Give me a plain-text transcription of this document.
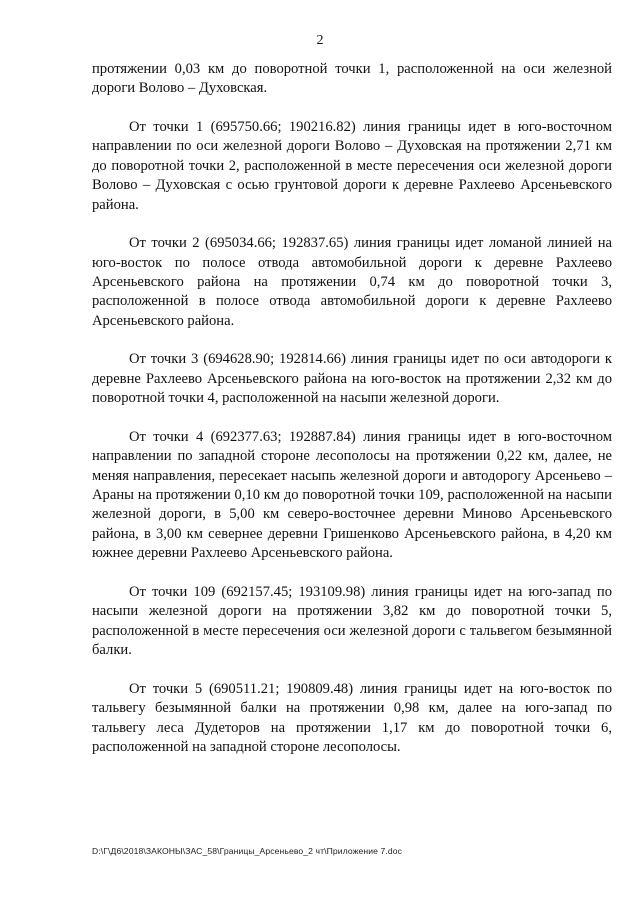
2

протяжении 0,03 км до поворотной точки 1, расположенной на оси железной дороги Волово – Духовская.

От точки 1 (695750.66; 190216.82) линия границы идет в юго-восточном направлении по оси железной дороги Волово – Духовская на протяжении 2,71 км до поворотной точки 2, расположенной в месте пересечения оси железной дороги Волово – Духовская с осью грунтовой дороги к деревне Рахлеево Арсеньевского района.

От точки 2 (695034.66; 192837.65) линия границы идет ломаной линией на юго-восток по полосе отвода автомобильной дороги к деревне Рахлеево Арсеньевского района на протяжении 0,74 км до поворотной точки 3, расположенной в полосе отвода автомобильной дороги к деревне Рахлеево Арсеньевского района.

От точки 3 (694628.90; 192814.66) линия границы идет по оси автодороги к деревне Рахлеево Арсеньевского района на юго-восток на протяжении 2,32 км до поворотной точки 4, расположенной на насыпи железной дороги.

От точки 4 (692377.63; 192887.84) линия границы идет в юго-восточном направлении по западной стороне лесополосы на протяжении 0,22 км, далее, не меняя направления, пересекает насыпь железной дороги и автодорогу Арсеньево – Араны на протяжении 0,10 км до поворотной точки 109, расположенной на насыпи железной дороги, в 5,00 км северо-восточнее деревни Миново Арсеньевского района, в 3,00 км севернее деревни Гришенково Арсеньевского района, в 4,20 км южнее деревни Рахлеево Арсеньевского района.

От точки 109 (692157.45; 193109.98) линия границы идет на юго-запад по насыпи железной дороги на протяжении 3,82 км до поворотной точки 5, расположенной в месте пересечения оси железной дороги с тальвегом безымянной балки.

От точки 5 (690511.21; 190809.48) линия границы идет на юго-восток по тальвегу безымянной балки на протяжении 0,98 км, далее на юго-запад по тальвегу леса Дудеторов на протяжении 1,17 км до поворотной точки 6, расположенной на западной стороне лесополосы.

D:\Г\Д6\2018\ЗАКОНЫ\ЗАС_58\Границы_Арсеньево_2 чт\Приложение 7.doc
